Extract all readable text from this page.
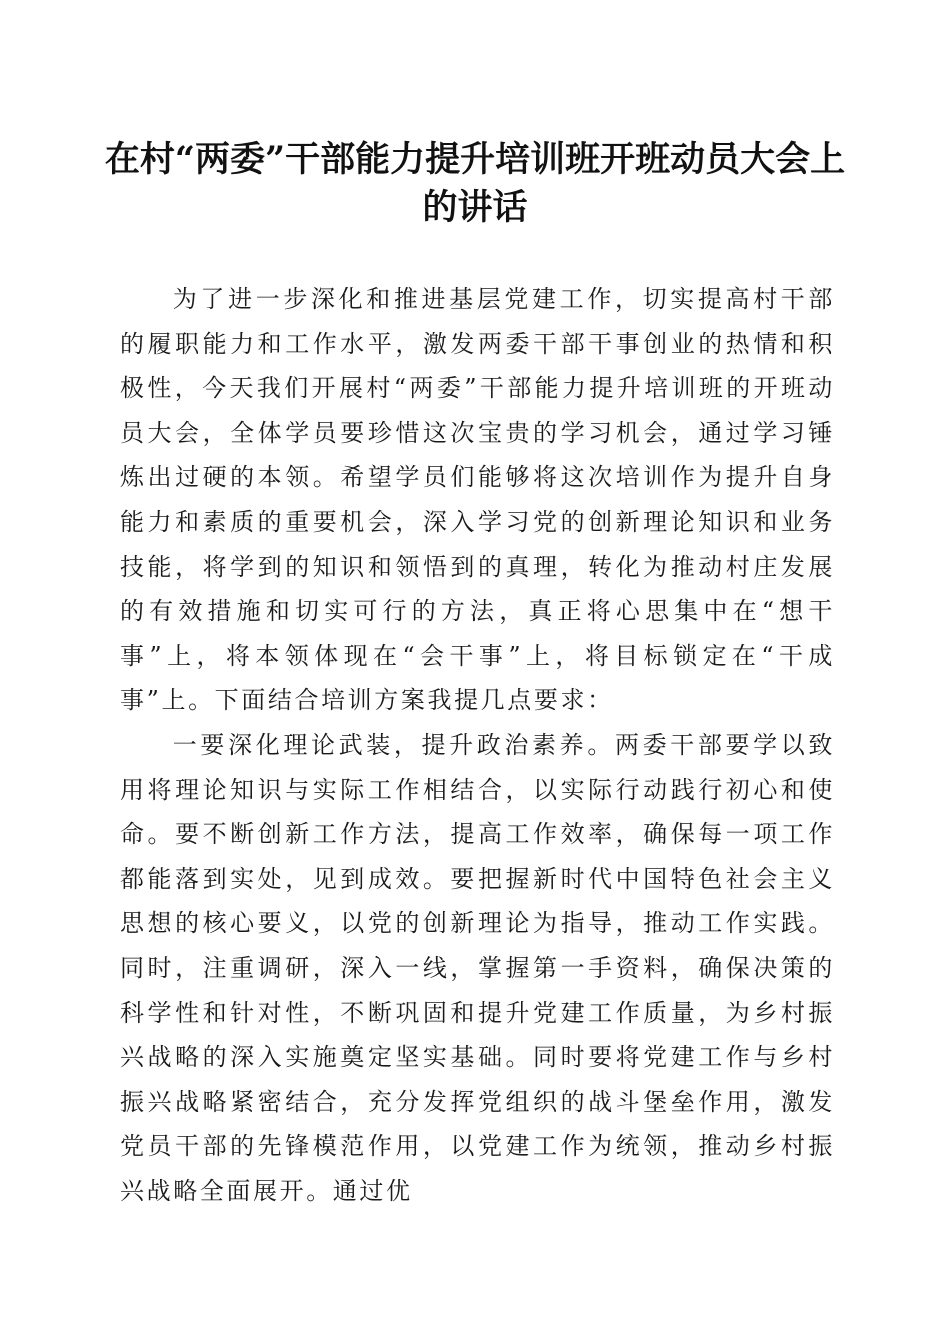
在村“两委”干部能力提升培训班开班动员大会上的讲话

为了进一步深化和推进基层党建工作，切实提高村干部的履职能力和工作水平，激发两委干部干事创业的热情和积极性，今天我们开展村“两委”干部能力提升培训班的开班动员大会，全体学员要珍惜这次宝贵的学习机会，通过学习锤炼出过硬的本领。希望学员们能够将这次培训作为提升自身能力和素质的重要机会，深入学习党的创新理论知识和业务技能，将学到的知识和领悟到的真理，转化为推动村庄发展的有效措施和切实可行的方法，真正将心思集中在“想干事”上，将本领体现在“会干事”上，将目标锁定在“干成事”上。下面结合培训方案我提几点要求：

一要深化理论武装，提升政治素养。两委干部要学以致用将理论知识与实际工作相结合，以实际行动践行初心和使命。要不断创新工作方法，提高工作效率，确保每一项工作都能落到实处，见到成效。要把握新时代中国特色社会主义思想的核心要义，以党的创新理论为指导，推动工作实践。同时，注重调研，深入一线，掌握第一手资料，确保决策的科学性和针对性，不断巩固和提升党建工作质量，为乡村振兴战略的深入实施奠定坚实基础。同时要将党建工作与乡村振兴战略紧密结合，充分发挥党组织的战斗堡垒作用，激发党员干部的先锋模范作用，以党建工作为统领，推动乡村振兴战略全面展开。通过优
